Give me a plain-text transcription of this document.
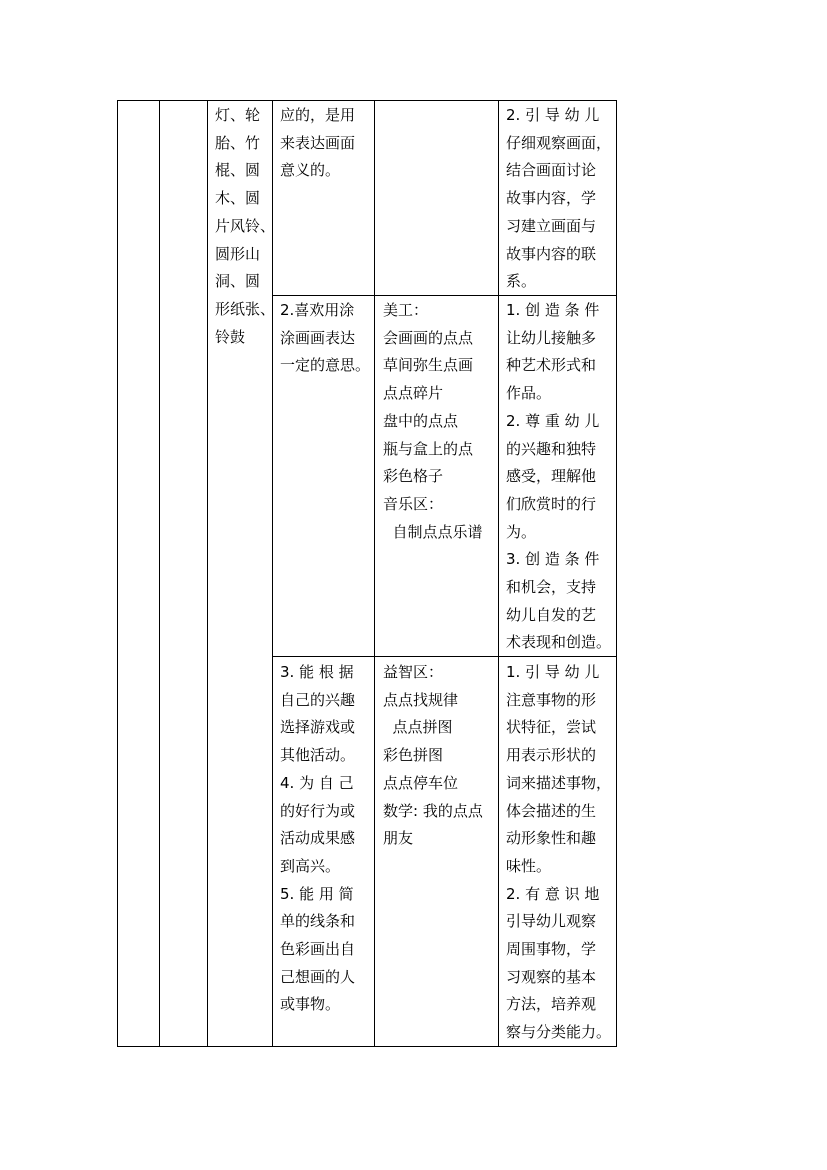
灯、轮
胎、竹
棍、圆
木、圆
片风铃、
圆形山
洞、圆
形纸张、
铃鼓
应的，是用
来表达画面
意义的。
2. 引 导 幼 儿
仔细观察画面，
结合画面讨论
故事内容，学
习建立画面与
故事内容的联
系。
2.喜欢用涂
涂画画表达
一定的意思。
美工：
会画画的点点
草间弥生点画
点点碎片
盘中的点点
瓶与盒上的点
彩色格子
音乐区：
自制点点乐谱
1. 创 造 条 件
让幼儿接触多
种艺术形式和
作品。
2. 尊 重 幼 儿
的兴趣和独特
感受，理解他
们欣赏时的行
为。
3. 创 造 条 件
和机会，支持
幼儿自发的艺
术表现和创造。
3. 能 根 据
自己的兴趣
选择游戏或
其他活动。
4. 为 自 己
的好行为或
活动成果感
到高兴。
5. 能 用 简
单的线条和
色彩画出自
己想画的人
或事物。
益智区：
点点找规律
点点拼图
彩色拼图
点点停车位
数学: 我的点点
朋友
1. 引 导 幼 儿
注意事物的形
状特征，尝试
用表示形状的
词来描述事物，
体会描述的生
动形象性和趣
味性。
2. 有 意 识 地
引导幼儿观察
周围事物，学
习观察的基本
方法，培养观
察与分类能力。
